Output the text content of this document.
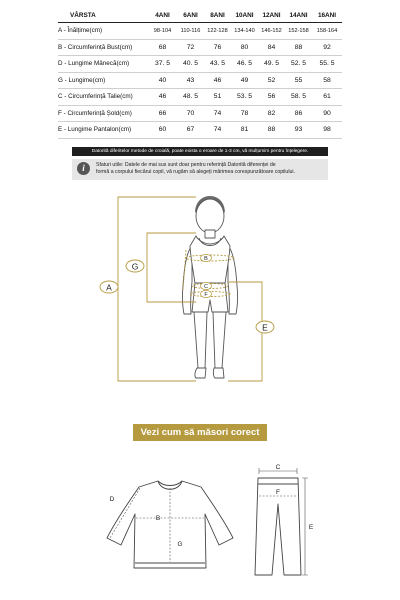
VÂRSTA	4ANI	6ANI	8ANI	10ANI	12ANI	14ANI	16ANI
A - Înălțime(cm)	98-104	110-116	122-128	134-140	146-152	152-158	158-164
B - Circumferință Bust(cm)	68	72	76	80	84	88	92
D - Lungime Mânecă(cm)	37. 5	40. 5	43. 5	46. 5	49. 5	52. 5	55. 5
G - Lungime(cm)	40	43	46	49	52	55	58
C - Circumferință Talie(cm)	46	48. 5	51	53. 5	56	58. 5	61
F - Circumferință Șold(cm)	66	70	74	78	82	86	90
E - Lungime Pantalon(cm)	60	67	74	81	88	93	98
Datorită diferitelor metode de croială, poate exista o eroare de 1-3 cm, vă mulțumim pentru înțelegere.
i	Sfaturi utile: Datele de mai sus sunt doar pentru referință Datorită diferenței de
formă a corpului fiecărui copil, vă rugăm să alegeți mărimea corespunzătoare copilului.
A
G
E
B
C
F
D
B
G
C
F
E
Vezi cum să măsori corect
